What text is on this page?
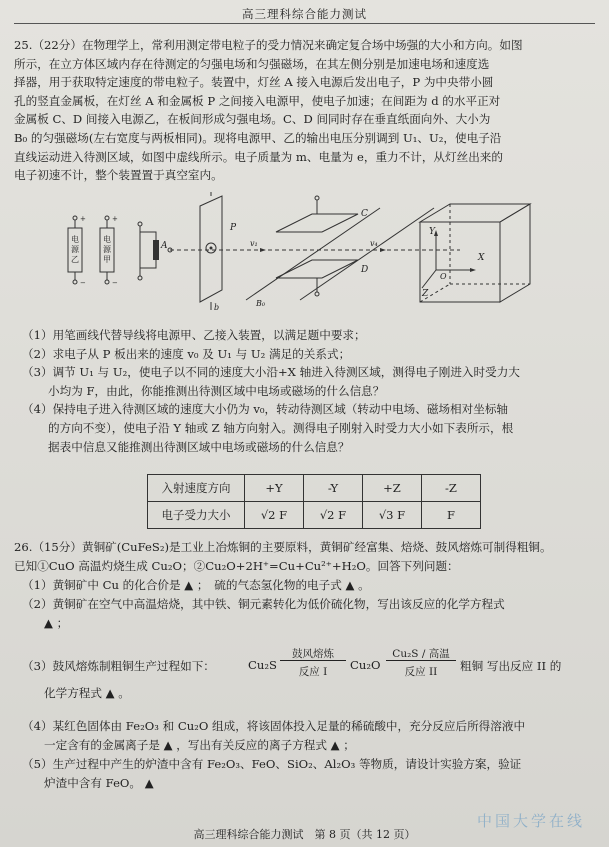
高三理科综合能力测试
25.（22分）在物理学上，常利用测定带电粒子的受力情况来确定复合场中场强的大小和方向。如图
所示，在立方体区域内存在待测定的匀强电场和匀强磁场，在其左侧分别是加速电场和速度选
择器，用于获取特定速度的带电粒子。装置中，灯丝 A 接入电源后发出电子，P 为中央带小圆
孔的竖直金属板，在灯丝 A 和金属板 P 之间接入电源甲，使电子加速；在间距为 d 的水平正对
金属板 C、D 间接入电源乙，在板间形成匀强电场。C、D 间同时存在垂直纸面向外、大小为
B₀ 的匀强磁场(左右宽度与两板相同)。现将电源甲、乙的输出电压分别调到 U₁、U₂，使电子沿
直线运动进入待测区域，如图中虚线所示。电子质量为 m、电量为 e，重力不计，从灯丝出来的
电子初速不计，整个装置置于真空室内。
电
源
乙
+
−
电
源
甲
+
−
A
P
b
v₁	v₄
C
D
B₀
Y
X
O
Z
（1）用笔画线代替导线将电源甲、乙接入装置，以满足题中要求；
（2）求电子从 P 板出来的速度 v₀ 及 U₁ 与 U₂ 满足的关系式；
（3）调节 U₁ 与 U₂，使电子以不同的速度大小沿+X 轴进入待测区域，测得电子刚进入时受力大
小均为 F，由此，你能推测出待测区域中电场或磁场的什么信息？
（4）保持电子进入待测区域的速度大小仍为 v₀，转动待测区域（转动中电场、磁场相对坐标轴
的方向不变），使电子沿 Y 轴或 Z 轴方向射入。测得电子刚射入时受力大小如下表所示，根
据表中信息又能推测出待测区域中电场或磁场的什么信息？
入射速度方向	+Y	-Y	+Z	-Z
电子受力大小	√2 F	√2 F	√3 F	F
26.（15分）黄铜矿(CuFeS₂)是工业上冶炼铜的主要原料，黄铜矿经富集、焙烧、鼓风熔炼可制得粗铜。
已知①CuO 高温灼烧生成 Cu₂O；②Cu₂O+2H⁺=Cu+Cu²⁺+H₂O。回答下列问题：
（1）黄铜矿中 Cu 的化合价是 ▲ ；　硫的气态氢化物的电子式 ▲ 。
（2）黄铜矿在空气中高温焙烧，其中铁、铜元素转化为低价硫化物，写出该反应的化学方程式
▲ ；
（3）鼓风熔炼制粗铜生产过程如下：	Cu₂S
鼓风熔炼
反应 I	Cu₂O
Cu₂S / 高温
反应 II	粗铜 写出反应 II 的
化学方程式 ▲ 。
（4）某红色固体由 Fe₂O₃ 和 Cu₂O 组成，将该固体投入足量的稀硫酸中，充分反应后所得溶液中
一定含有的金属离子是 ▲ ，写出有关反应的离子方程式 ▲ ；
（5）生产过程中产生的炉渣中含有 Fe₂O₃、FeO、SiO₂、Al₂O₃ 等物质，请设计实验方案，验证
炉渣中含有 FeO。 ▲
中国大学在线
高三理科综合能力测试　第 8 页（共 12 页）
